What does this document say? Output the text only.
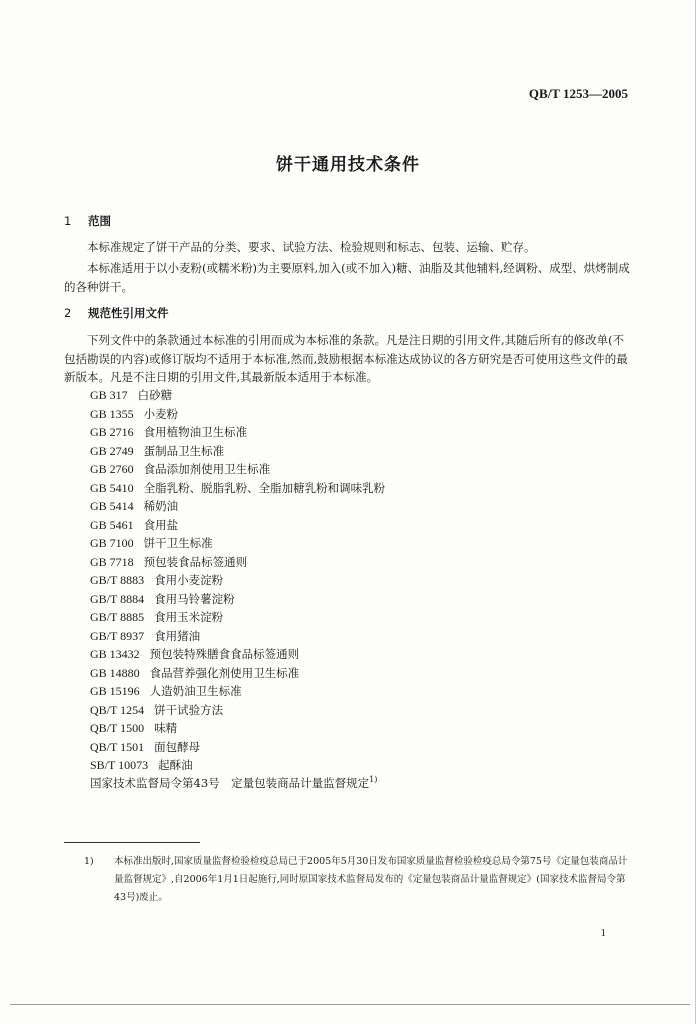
QB/T 1253—2005
饼干通用技术条件
1 范围

本标准规定了饼干产品的分类、要求、试验方法、检验规则和标志、包装、运输、贮存。

本标准适用于以小麦粉(或糯米粉)为主要原料,加入(或不加入)糖、油脂及其他辅料,经调粉、成型、烘烤制成的各种饼干。

2 规范性引用文件

下列文件中的条款通过本标准的引用而成为本标准的条款。凡是注日期的引用文件,其随后所有的修改单(不包括勘误的内容)或修订版均不适用于本标准,然而,鼓励根据本标准达成协议的各方研究是否可使用这些文件的最新版本。凡是不注日期的引用文件,其最新版本适用于本标准。

GB 317 白砂糖
GB 1355 小麦粉
GB 2716 食用植物油卫生标准
GB 2749 蛋制品卫生标准
GB 2760 食品添加剂使用卫生标准
GB 5410 全脂乳粉、脱脂乳粉、全脂加糖乳粉和调味乳粉
GB 5414 稀奶油
GB 5461 食用盐
GB 7100 饼干卫生标准
GB 7718 预包装食品标签通则
GB/T 8883 食用小麦淀粉
GB/T 8884 食用马铃薯淀粉
GB/T 8885 食用玉米淀粉
GB/T 8937 食用猪油
GB 13432 预包装特殊膳食食品标签通则
GB 14880 食品营养强化剂使用卫生标准
GB 15196 人造奶油卫生标准
QB/T 1254 饼干试验方法
QB/T 1500 味精
QB/T 1501 面包酵母
SB/T 10073 起酥油
国家技术监督局令第43号　定量包装商品计量监督规定$^{1)}$
1) 本标准出版时,国家质量监督检验检疫总局已于2005年5月30日发布国家质量监督检验检疫总局令第75号《定量包装商品计量监督规定》,自2006年1月1日起施行,同时原国家技术监督局发布的《定量包装商品计量监督规定》(国家技术监督局令第43号)废止。
1
